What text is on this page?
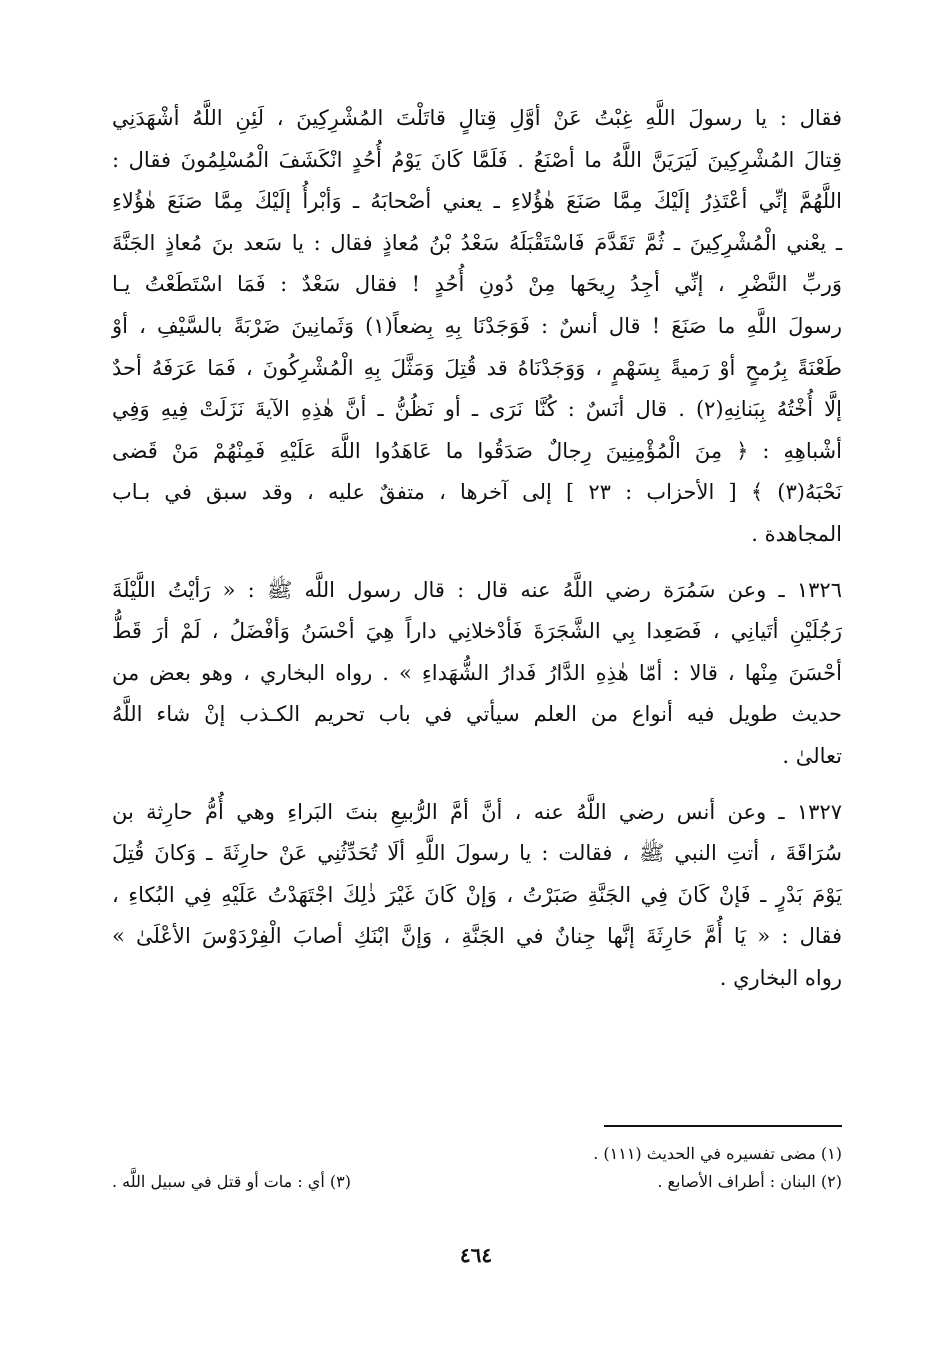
فقال : يا رسولَ اللَّهِ غِبْتُ عَنْ أوَّلِ قِتالٍ قاتَلْتَ المُشْرِكِينَ ، لَئِنِ اللَّهُ أشْهَدَنِي
قِتالَ المُشْرِكِينَ لَيَرَيَنَّ اللَّهُ ما أصْنَعُ . فَلَمَّا كَانَ يَوْمُ أُحُدٍ انْكَشَفَ الْمُسْلِمُونَ فقال :
اللَّهُمَّ إنِّي أعْتَذِرُ إلَيْكَ مِمَّا صَنَعَ هٰؤُلاءِ ـ يعني أصْحابَهُ ـ وَأبْرأُ إلَيْكَ مِمَّا صَنَعَ هٰؤُلاءِ
ـ يعْني الْمُشْرِكِينَ ـ ثُمَّ تَقَدَّمَ فَاسْتَقْبَلَهُ سَعْدُ بْنُ مُعاذٍ فقال : يا سَعد بنَ مُعاذٍ الجَنَّةَ
وَربِّ النَّضْرِ ، إنِّي أجِدُ رِيحَها مِنْ دُونِ أُحُدٍ ! فقال سَعْدٌ : فَمَا اسْتَطَعْتُ يـا
رسولَ اللَّهِ ما صَنَعَ ! قال أنسٌ : فَوَجَدْنَا بِهِ بِضعاً(١) وَثَمانِينَ ضَرْبَةً بالسَّيْفِ ، أوْ
طَعْنَةً بِرُمحٍ أوْ رَميةً بِسَهْمٍ ، وَوَجَدْنَاهُ قد قُتِلَ وَمَثَّلَ بِهِ الْمُشْرِكُونَ ، فَمَا عَرَفَهُ أحدٌ
إلَّا أُخْتُهُ بِبَنانِهِ(٢) . قال أنَسٌ : كُنَّا نَرَى ـ أو نَظُنُّ ـ أنَّ هٰذِهِ الآيةَ نَزَلَتْ فِيهِ وَفِي
أشْباهِهِ : ﴿ مِنَ الْمُؤْمِنِينَ رِجالٌ صَدَقُوا ما عَاهَدُوا اللَّهَ عَلَيْهِ فَمِنْهُمْ مَنْ قَضى
نَحْبَهُ(٣) ﴾ [ الأحزاب : ٢٣ ] إلى آخرها ، متفقٌ عليه ، وقد سبق في بـاب
المجاهدة .
١٣٢٦ ـ وعن سَمُرَة رضي اللَّهُ عنه قال : قال رسول اللَّه ﷺ : « رَأيْتُ اللَّيْلَةَ
رَجُلَيْنِ أتَيانِي ، فَصَعِدا بِي الشَّجَرَةَ فَأدْخلانِي داراً هِيَ أحْسَنُ وَأفْضَلُ ، لَمْ أرَ قَطُّ
أحْسَنَ مِنْها ، قالا : أمّا هٰذِهِ الدَّارُ فَدارُ الشُّهَداءِ » . رواه البخاري ، وهو بعض من
حديث طويل فيه أنواع من العلم سيأتي في باب تحريم الكـذب إنْ شاء اللَّهُ
تعالىٰ .
١٣٢٧ ـ وعن أنس رضي اللَّهُ عنه ، أنَّ أمَّ الرُّبيعِ بنتَ البَراءِ وهي أُمُّ حارِثة بن
سُرَاقَةَ ، أتتِ النبي ﷺ ، فقالت : يا رسولَ اللَّهِ ألَا تُحَدِّثُنِي عَنْ حارِثَةَ ـ وَكانَ قُتِلَ
يَوْمَ بَدْرٍ ـ فَإنْ كَانَ فِي الجَنَّةِ صَبَرْتُ ، وَإنْ كَانَ غَيْرَ ذٰلِكَ اجْتَهَدْتُ عَلَيْهِ فِي البُكاءِ ،
فقال : « يَا أُمَّ حَارِثَةَ إنَّها جِنانٌ في الجَنَّةِ ، وَإنَّ ابْنَكِ أصابَ الْفِرْدَوْسَ الأعْلَىٰ »
رواه البخاري .
(١) مضى تفسيره في الحديث (١١١) .
(٢) البنان : أطراف الأصابع .
(٣) أي : مات أو قتل في سبيل اللَّه .
٤٦٤
